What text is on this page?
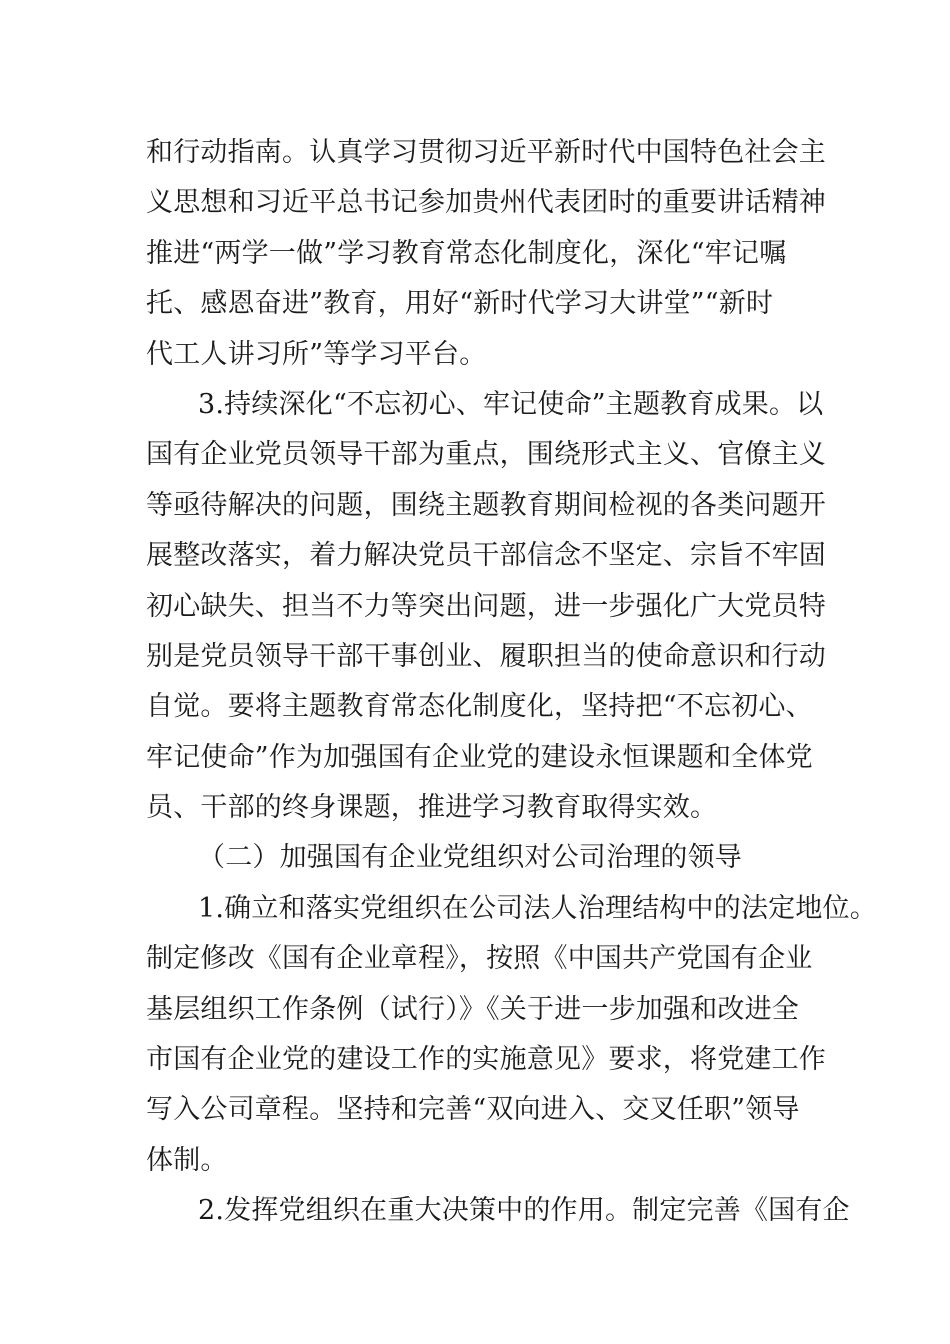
和行动指南。认真学习贯彻习近平新时代中国特色社会主
义思想和习近平总书记参加贵州代表团时的重要讲话精神
推进“两学一做”学习教育常态化制度化，深化“牢记嘱
托、感恩奋进”教育，用好“新时代学习大讲堂”“新时
代工人讲习所”等学习平台。
3.持续深化“不忘初心、牢记使命”主题教育成果。以
国有企业党员领导干部为重点，围绕形式主义、官僚主义
等亟待解决的问题，围绕主题教育期间检视的各类问题开
展整改落实，着力解决党员干部信念不坚定、宗旨不牢固
初心缺失、担当不力等突出问题，进一步强化广大党员特
别是党员领导干部干事创业、履职担当的使命意识和行动
自觉。要将主题教育常态化制度化，坚持把“不忘初心、
牢记使命”作为加强国有企业党的建设永恒课题和全体党
员、干部的终身课题，推进学习教育取得实效。
（二）加强国有企业党组织对公司治理的领导
1.确立和落实党组织在公司法人治理结构中的法定地位。
制定修改《国有企业章程》，按照《中国共产党国有企业
基层组织工作条例（试行）》《关于进一步加强和改进全
市国有企业党的建设工作的实施意见》要求，将党建工作
写入公司章程。坚持和完善“双向进入、交叉任职”领导
体制。
2.发挥党组织在重大决策中的作用。制定完善《国有企
